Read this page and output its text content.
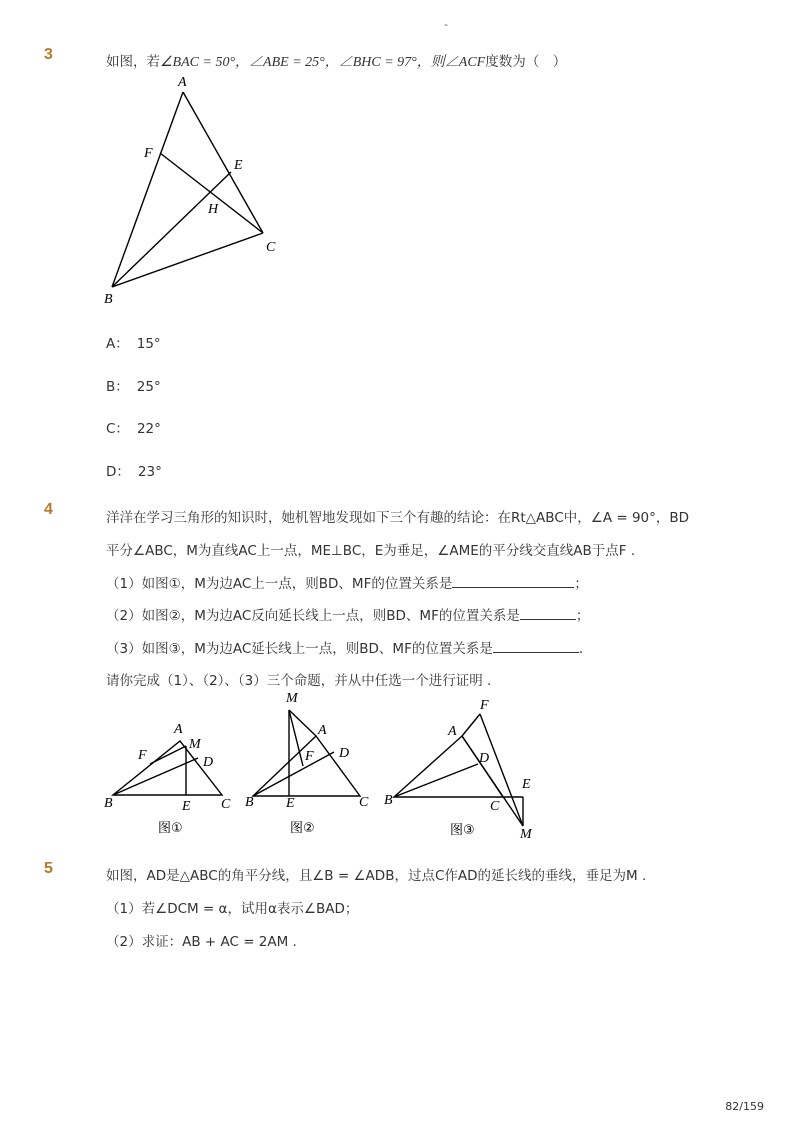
-
3	如图，若∠BAC = 50°，∠ABE = 25°，∠BHC = 97°，则∠ACF度数为（　）
A
F
E
H
C
B
A： 15°
B： 25°
C： 22°
D： 23°
4	洋洋在学习三角形的知识时，她机智地发现如下三个有趣的结论：在Rt△ABC中，∠A = 90°，BD
平分∠ABC，M为直线AC上一点，ME⊥BC，E为垂足，∠AME的平分线交直线AB于点F .
（1）如图①，M为边AC上一点，则BD、MF的位置关系是	；
（2）如图②，M为边AC反向延长线上一点，则BD、MF的位置关系是	；
（3）如图③，M为边AC延长线上一点，则BD、MF的位置关系是	.
请你完成（1）、（2）、（3）三个命题，并从中任选一个进行证明 .
A
M
F	D
B	E C
图①
M
A
D
F
B E	C
图②
F
A
D
E
B	C
M
图③
5	如图，AD是△ABC的角平分线，且∠B = ∠ADB，过点C作AD的延长线的垂线，垂足为M .
（1）若∠DCM = α，试用α表示∠BAD；
（2）求证：AB + AC = 2AM .
82/159
